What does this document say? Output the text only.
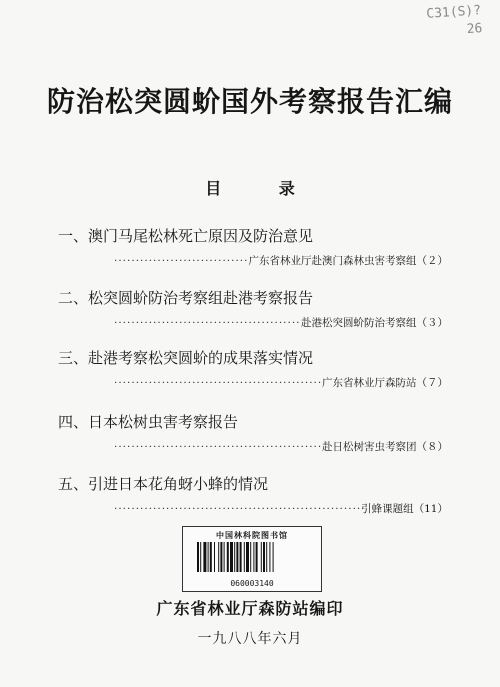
C31(S)?
26
防治松突圆蚧国外考察报告汇编
目 录
一、澳门马尾松林死亡原因及防治意见
·····
广东省林业厅赴澳门森林虫害考察组（２）
二、松突圆蚧防治考察组赴港考察报告
·····
赴港松突圆蚧防治考察组（３）
三、赴港考察松突圆蚧的成果落实情况
·····
广东省林业厅森防站（７）
四、日本松树虫害考察报告
·····
赴日松树害虫考察团（８）
五、引进日本花角蚜小蜂的情况
·····
引蜂课题组（11）
中国林科院图书馆
060003140
广东省林业厅森防站编印
一九八八年六月
